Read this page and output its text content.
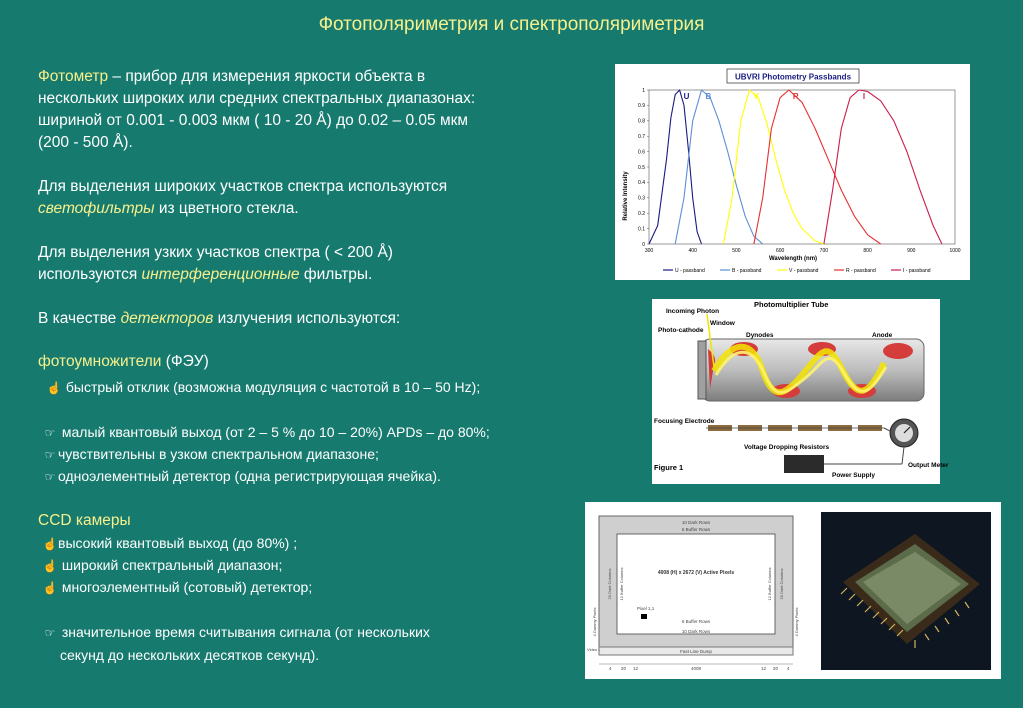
Фотополяриметрия и спектрополяриметрия
Фотометр – прибор для измерения яркости объекта в
нескольких широких или средних спектральных диапазонах:
шириной от 0.001 - 0.003 мкм ( 10 - 20 Å) до 0.02 – 0.05 мкм
(200 - 500 Å).
Для выделения широких участков спектра используются
светофильтры из цветного стекла.
Для выделения узких участков спектра ( < 200 Å)
используются интерференционные фильтры.
В качестве детекторов излучения используются:
фотоумножители (ФЭУ)
☝ быстрый отклик (возможна модуляция с частотой в 10 – 50 Hz);
☞ малый квантовый выход (от 2 – 5 % до 10 – 20%) APDs – до 80%;
☞ чувствительны в узком спектральном диапазоне;
☞ одноэлементный детектор (одна регистрирующая ячейка).
CCD камеры
☝высокий квантовый выход (до 80%) ;
☝ широкий спектральный диапазон;
☝ многоэлементный (сотовый) детектор;
☞ значительное время считывания сигнала (от нескольких
секунд до нескольких десятков секунд).
UBVRI Photometry Passbands
U B	V	R	I
300	400	500	600	700	800	900	1000
0
0.1
0.2
0.3
0.4
0.5
0.6
0.7
0.8
0.9
1
Wavelength (nm)
Relative Intensity
U - passband	B - passband	V - passband	R - passband	I - passband
Photomultiplier Tube
Incoming Photon
Window
Photo-cathode
Dynodes	Anode
Focusing Electrode
Voltage Dropping Resistors
Figure 1
Power Supply
Output Meter
10 Dark Rows
6 Buffer Rows
4008 (H) x 2672 (V) Active Pixels
Pixel 1,1
6 Buffer Rows
10 Dark Rows
Fast Line Dump
Video L
20 Dark Columns	20 Dark Columns
4 Dummy Pixels	4 Dummy Pixels
12 Buffer Columns	12 Buffer Columns
4 20 12	4008	12 20 4
